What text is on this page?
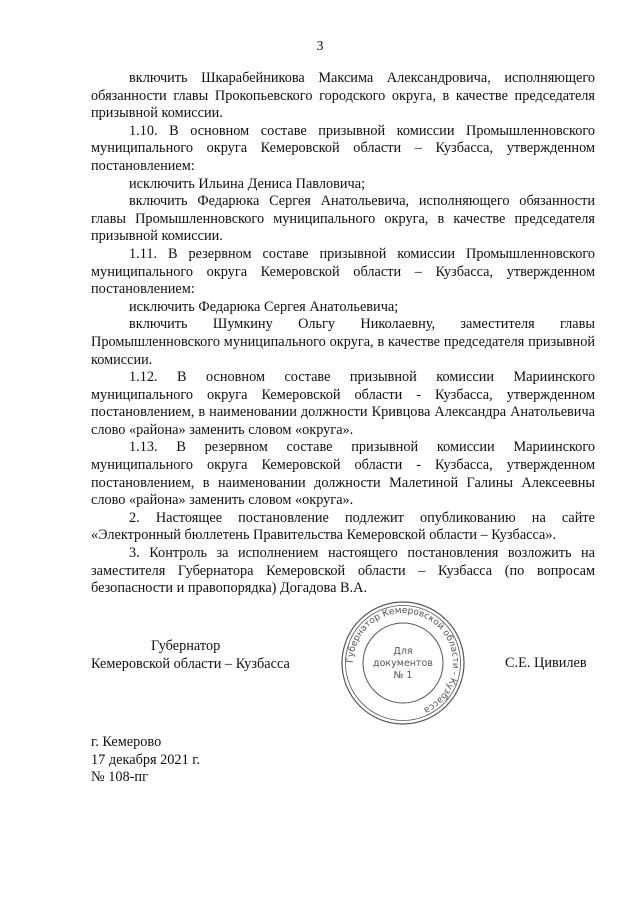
3

включить Шкарабейникова Максима Александровича, исполняющего обязанности главы Прокопьевского городского округа, в качестве председателя призывной комиссии.

1.10. В основном составе призывной комиссии Промышленновского муниципального округа Кемеровской области – Кузбасса, утвержденном постановлением:

исключить Ильина Дениса Павловича;

включить Федарюка Сергея Анатольевича, исполняющего обязанности главы Промышленновского муниципального округа, в качестве председателя призывной комиссии.

1.11. В резервном составе призывной комиссии Промышленновского муниципального округа Кемеровской области – Кузбасса, утвержденном постановлением:

исключить Федарюка Сергея Анатольевича;

включить Шумкину Ольгу Николаевну, заместителя главы Промышленновского муниципального округа, в качестве председателя призывной комиссии.

1.12. В основном составе призывной комиссии Мариинского муниципального округа Кемеровской области - Кузбасса, утвержденном постановлением, в наименовании должности Кривцова Александра Анатольевича слово «района» заменить словом «округа».

1.13. В резервном составе призывной комиссии Мариинского муниципального округа Кемеровской области - Кузбасса, утвержденном постановлением, в наименовании должности Малетиной Галины Алексеевны слово «района» заменить словом «округа».

2. Настоящее постановление подлежит опубликованию на сайте «Электронный бюллетень Правительства Кемеровской области – Кузбасса».

3. Контроль за исполнением настоящего постановления возложить на заместителя Губернатора Кемеровской области – Кузбасса (по вопросам безопасности и правопорядка) Догадова В.А.

Губернатор
Кемеровской области – Кузбасса	Губернатор Кемеровской области - Кузбасса
Для
документов
№ 1
С.Е. Цивилев
г. Кемерово
17 декабря 2021 г.
№ 108-пг
